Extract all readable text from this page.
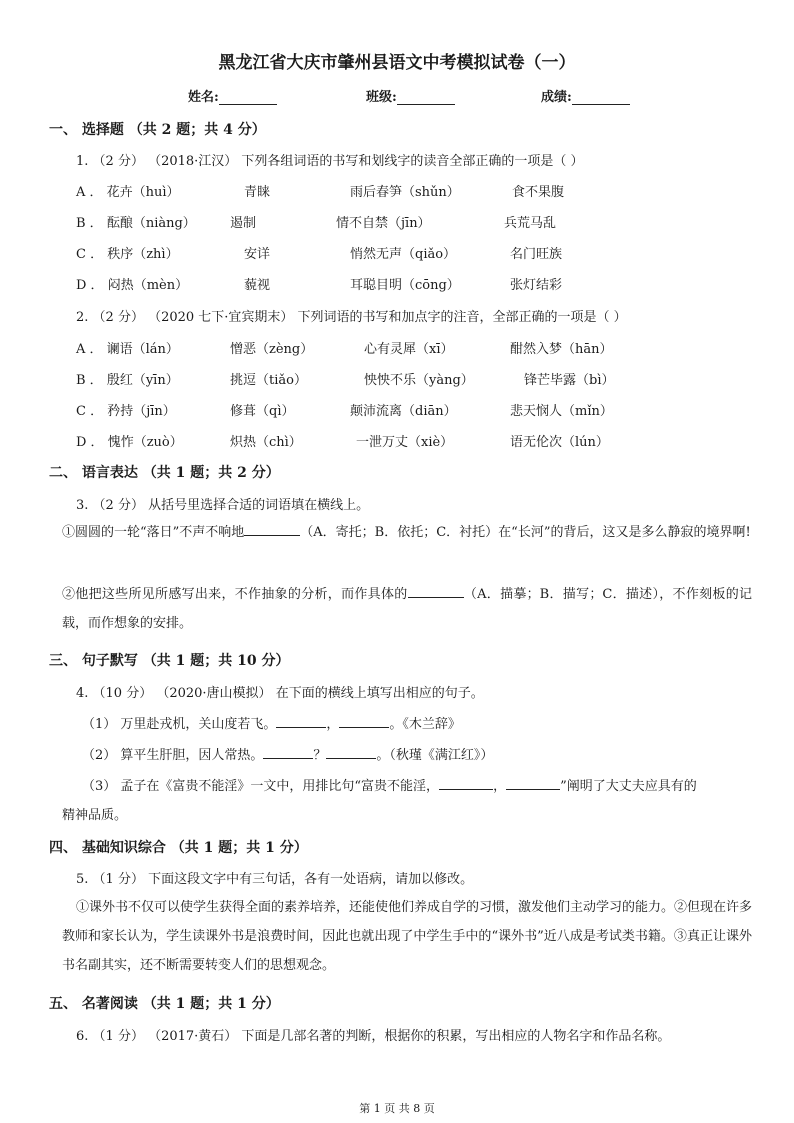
黑龙江省大庆市肇州县语文中考模拟试卷（一）
姓名:	班级:	成绩:
一、 选择题 （共 2 题；共 4 分）
1. （2 分） （2018·江汉） 下列各组词语的书写和划线字的读音全部正确的一项是（ ）
A ． 花卉（huì）	青睐	雨后春笋（shǔn）	食不果腹
B ． 酝酿（niàng）	遏制	情不自禁（jīn）	兵荒马乱
C ． 秩序（zhì）	安详	悄然无声（qiǎo）	名门旺族
D ． 闷热（mèn）	藐视	耳聪目明（cōng）	张灯结彩
2. （2 分） （2020 七下·宜宾期末） 下列词语的书写和加点字的注音，全部正确的一项是（ ）
A ． 谰语（lán）	憎恶（zèng）	心有灵犀（xī）	酣然入梦（hān）
B ． 殷红（yīn）	挑逗（tiǎo）	怏怏不乐（yàng）	锋芒毕露（bì）
C ． 矜持（jīn）	修葺（qì）	颠沛流离（diān）	悲天悯人（mǐn）
D ． 愧怍（zuò）	炽热（chì）	一泄万丈（xiè）	语无伦次（lún）
二、 语言表达 （共 1 题；共 2 分）
3. （2 分） 从括号里选择合适的词语填在横线上。
①圆圆的一轮“落日”不声不响地	（A．寄托；B．依托；C．衬托）在“长河”的背后，这又是多么静寂的境界啊!
②他把这些所见所感写出来，不作抽象的分析，而作具体的	（A．描摹；B．描写；C．描述），不作刻板的记载，而作想象的安排。
三、 句子默写 （共 1 题；共 10 分）
4. （10 分） （2020·唐山模拟） 在下面的横线上填写出相应的句子。
（1） 万里赴戎机，关山度若飞。	，	。《木兰辞》
（2） 算平生肝胆，因人常热。	？	。（秋瑾《满江红》）
（3） 孟子在《富贵不能淫》一文中，用排比句“富贵不能淫，	，	”阐明了大丈夫应具有的
精神品质。
四、 基础知识综合 （共 1 题；共 1 分）
5. （1 分） 下面这段文字中有三句话，各有一处语病，请加以修改。
①课外书不仅可以使学生获得全面的素养培养，还能使他们养成自学的习惯，激发他们主动学习的能力。②但现在许多教师和家长认为，学生读课外书是浪费时间，因此也就出现了中学生手中的“课外书”近八成是考试类书籍。③真正让课外书名副其实，还不断需要转变人们的思想观念。
五、 名著阅读 （共 1 题；共 1 分）
6. （1 分） （2017·黄石） 下面是几部名著的判断，根据你的积累，写出相应的人物名字和作品名称。
第 1 页 共 8 页
